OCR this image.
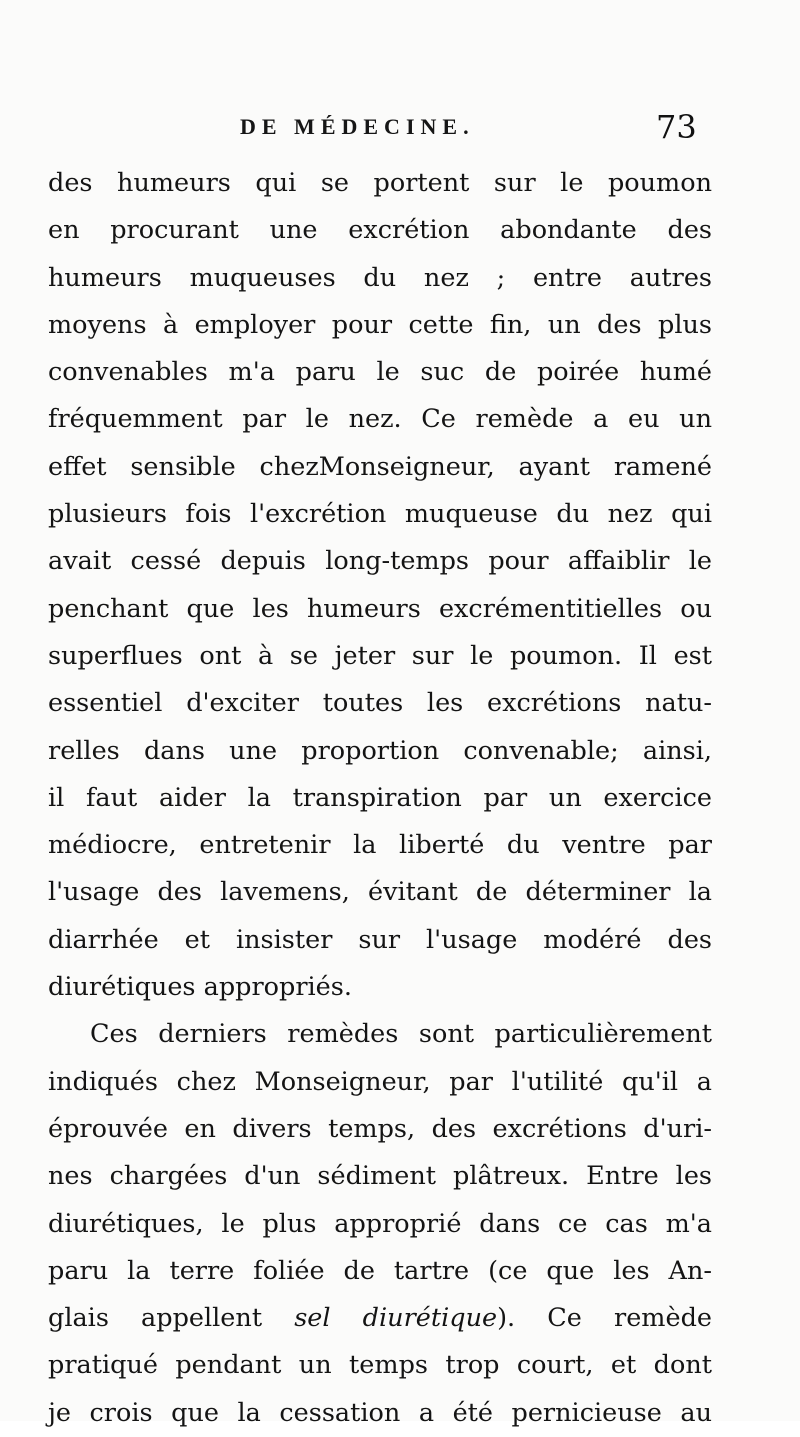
DE MÉDECINE.	73
des humeurs qui se portent sur le poumon
en procurant une excrétion abondante des
humeurs muqueuses du nez ; entre autres
moyens à employer pour cette fin, un des plus
convenables m'a paru le suc de poirée humé
fréquemment par le nez. Ce remède a eu un
effet sensible chezMonseigneur, ayant ramené
plusieurs fois l'excrétion muqueuse du nez qui
avait cessé depuis long-temps pour affaiblir le
penchant que les humeurs excrémentitielles ou
superflues ont à se jeter sur le poumon. Il est
essentiel d'exciter toutes les excrétions natu-
relles dans une proportion convenable; ainsi,
il faut aider la transpiration par un exercice
médiocre, entretenir la liberté du ventre par
l'usage des lavemens, évitant de déterminer la
diarrhée et insister sur l'usage modéré des
diurétiques appropriés.
Ces derniers remèdes sont particulièrement
indiqués chez Monseigneur, par l'utilité qu'il a
éprouvée en divers temps, des excrétions d'uri-
nes chargées d'un sédiment plâtreux. Entre les
diurétiques, le plus approprié dans ce cas m'a
paru la terre foliée de tartre (ce que les An-
glais appellent sel diurétique). Ce remède
pratiqué pendant un temps trop court, et dont
je crois que la cessation a été pernicieuse au
